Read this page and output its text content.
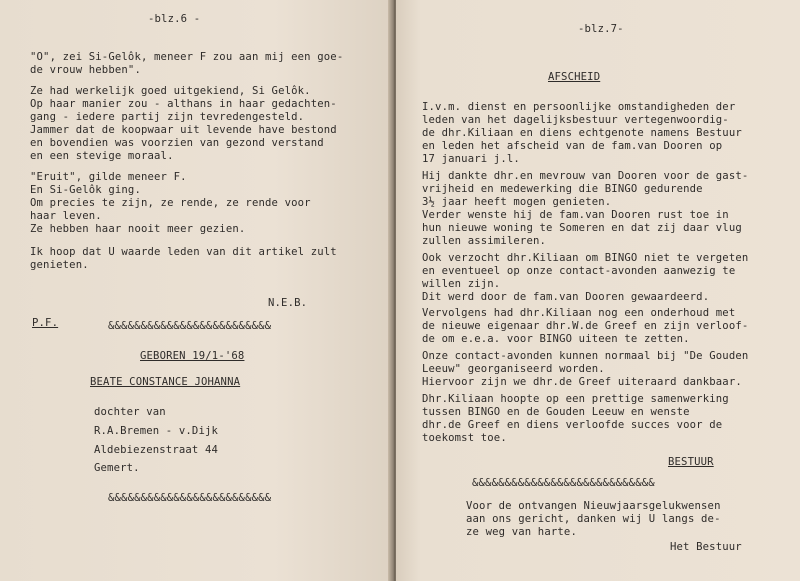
-blz.6 -
"O", zei Si-Gelôk, meneer F zou aan mij een goe-
de vrouw hebben".
Ze had werkelijk goed uitgekiend, Si Gelôk.
Op haar manier zou - althans in haar gedachten-
gang - iedere partij zijn tevredengesteld.
Jammer dat de koopwaar uit levende have bestond
en bovendien was voorzien van gezond verstand
en een stevige moraal.
"Eruit", gilde meneer F.
En Si-Gelôk ging.
Om precies te zijn, ze rende, ze rende voor
haar leven.
Ze hebben haar nooit meer gezien.
Ik hoop dat U waarde leden van dit artikel zult
genieten.
N.E.B.
P.F.	&&&&&&&&&&&&&&&&&&&&&&&&&
GEBOREN 19/1-'68
BEATE CONSTANCE JOHANNA
dochter van
R.A.Bremen - v.Dijk
Aldebiezenstraat 44
Gemert.
&&&&&&&&&&&&&&&&&&&&&&&&&
-blz.7-
AFSCHEID
I.v.m. dienst en persoonlijke omstandigheden der
leden van het dagelijksbestuur vertegenwoordig-
de dhr.Kiliaan en diens echtgenote namens Bestuur
en leden het afscheid van de fam.van Dooren op
17 januari j.l.
Hij dankte dhr.en mevrouw van Dooren voor de gast-
vrijheid en medewerking die BINGO gedurende
3½ jaar heeft mogen genieten.
Verder wenste hij de fam.van Dooren rust toe in
hun nieuwe woning te Someren en dat zij daar vlug
zullen assimileren.
Ook verzocht dhr.Kiliaan om BINGO niet te vergeten
en eventueel op onze contact-avonden aanwezig te
willen zijn.
Dit werd door de fam.van Dooren gewaardeerd.
Vervolgens had dhr.Kiliaan nog een onderhoud met
de nieuwe eigenaar dhr.W.de Greef en zijn verloof-
de om e.e.a. voor BINGO uiteen te zetten.
Onze contact-avonden kunnen normaal bij "De Gouden
Leeuw" georganiseerd worden.
Hiervoor zijn we dhr.de Greef uiteraard dankbaar.
Dhr.Kiliaan hoopte op een prettige samenwerking
tussen BINGO en de Gouden Leeuw en wenste
dhr.de Greef en diens verloofde succes voor de
toekomst toe.
BESTUUR
&&&&&&&&&&&&&&&&&&&&&&&&&&&&
Voor de ontvangen Nieuwjaarsgelukwensen
aan ons gericht, danken wij U langs de-
ze weg van harte.
Het Bestuur
